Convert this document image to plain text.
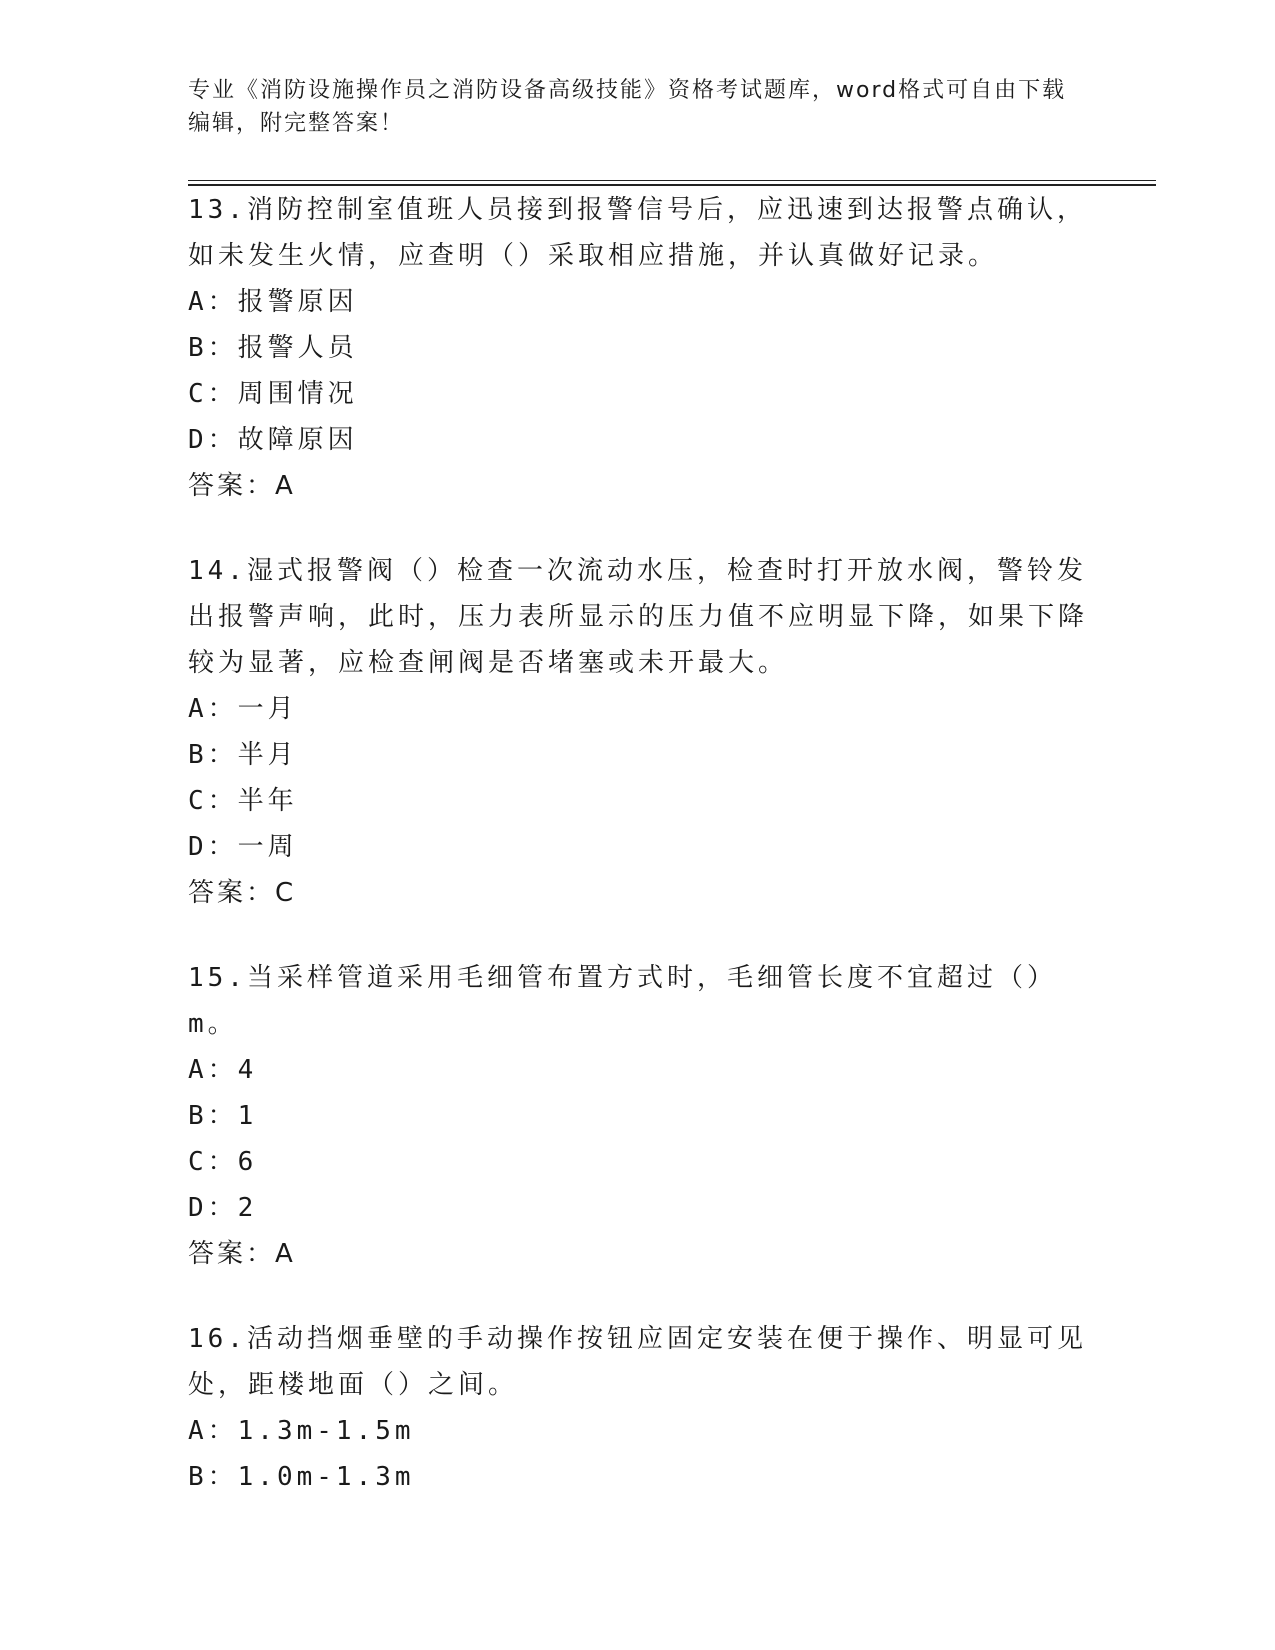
专业《消防设施操作员之消防设备高级技能》资格考试题库，word格式可自由下载编辑，附完整答案！

13.消防控制室值班人员接到报警信号后，应迅速到达报警点确认，如未发生火情，应查明（）采取相应措施，并认真做好记录。

A：报警原因

B：报警人员

C：周围情况

D：故障原因

答案：A

14.湿式报警阀（）检查一次流动水压，检查时打开放水阀，警铃发出报警声响，此时，压力表所显示的压力值不应明显下降，如果下降较为显著，应检查闸阀是否堵塞或未开最大。

A：一月

B：半月

C：半年

D：一周

答案：C

15.当采样管道采用毛细管布置方式时，毛细管长度不宜超过（）m。

A：4

B：1

C：6

D：2

答案：A

16.活动挡烟垂壁的手动操作按钮应固定安装在便于操作、明显可见处，距楼地面（）之间。

A：1.3m-1.5m

B：1.0m-1.3m
